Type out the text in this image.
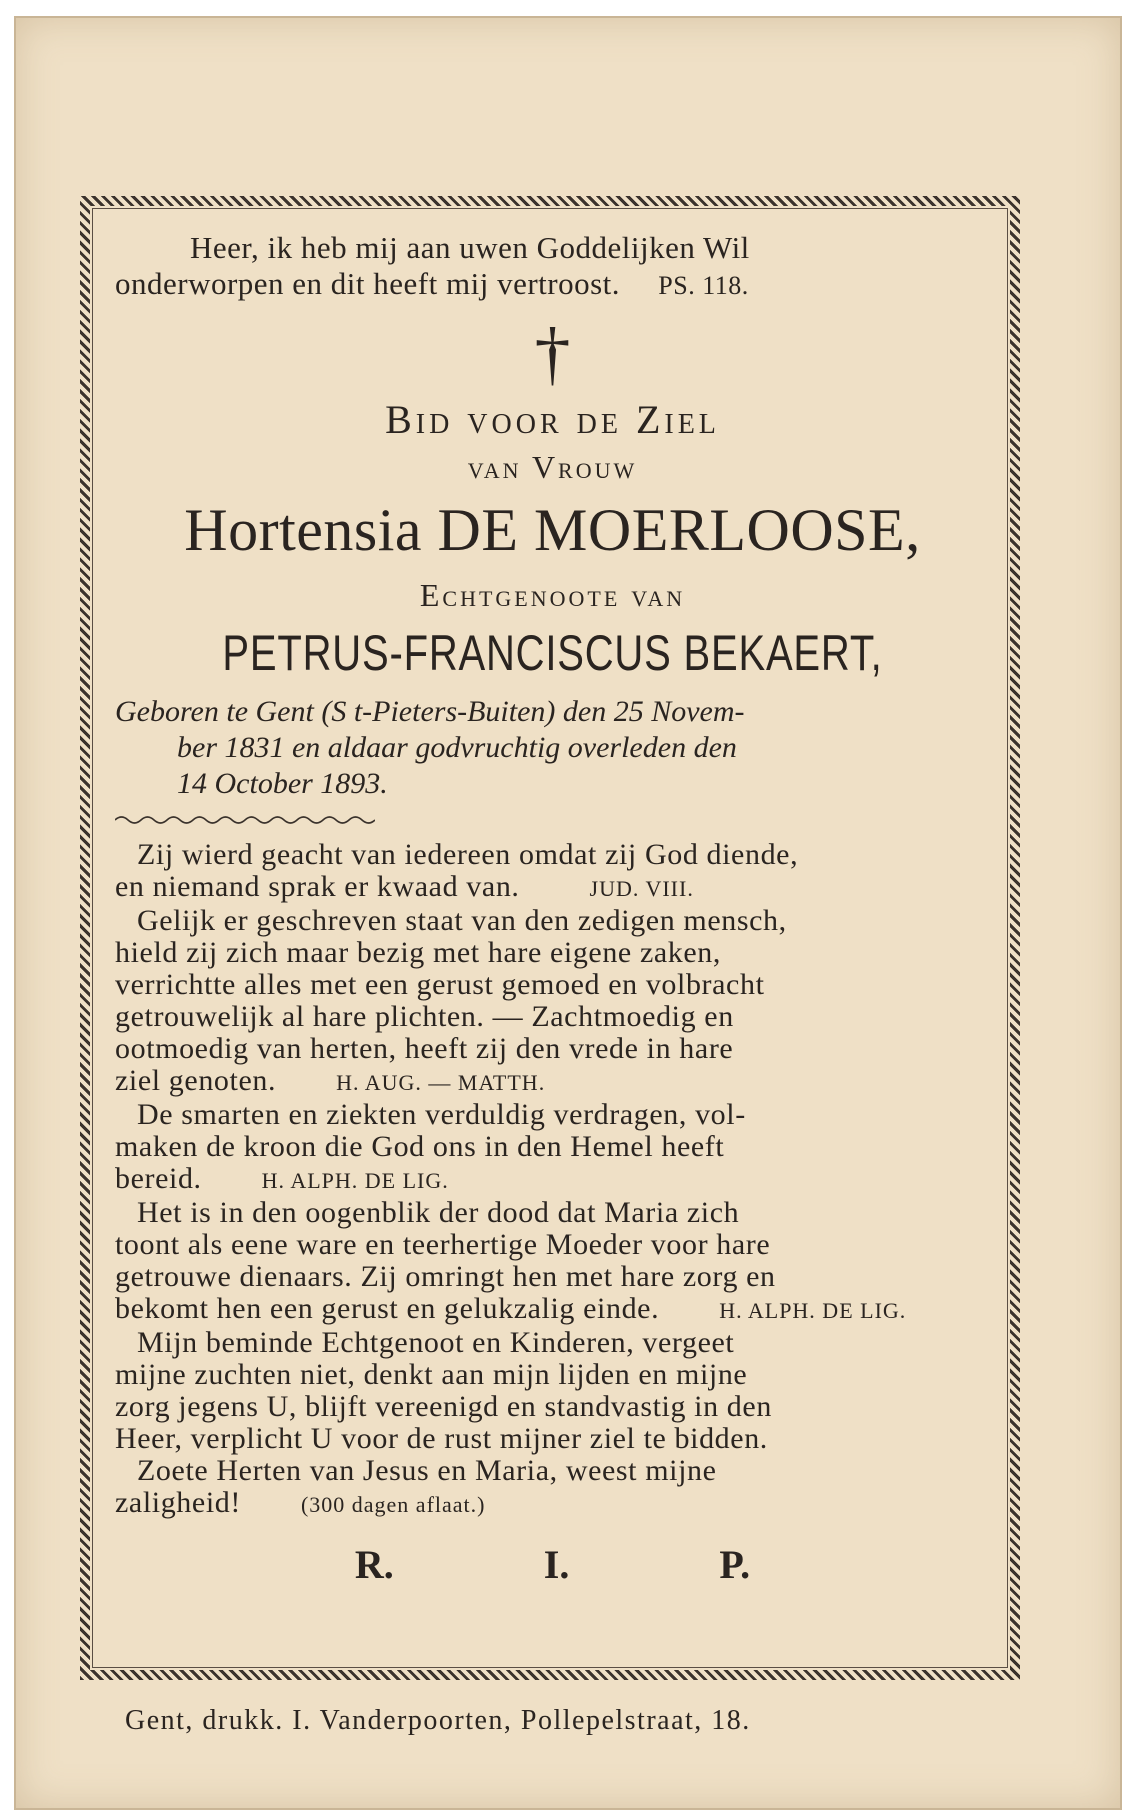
Heer, ik heb mij aan uwen Goddelijken Wil
onderworpen en dit heeft mij vertroost. PS. 118.
†
Bid voor de Ziel
van Vrouw
Hortensia DE MOERLOOSE,
Echtgenoote van
PETRUS-FRANCISCUS BEKAERT,
Geboren te Gent (S t-Pieters-Buiten) den 25 Novem-
ber 1831 en aldaar godvruchtig overleden den
14 October 1893.
Zij wierd geacht van iedereen omdat zij God diende,
en niemand sprak er kwaad van.	JUD. VIII.
Gelijk er geschreven staat van den zedigen mensch,
hield zij zich maar bezig met hare eigene zaken,
verrichtte alles met een gerust gemoed en volbracht
getrouwelijk al hare plichten. — Zachtmoedig en
ootmoedig van herten, heeft zij den vrede in hare
ziel genoten.	H. AUG. — MATTH.
De smarten en ziekten verduldig verdragen, vol-
maken de kroon die God ons in den Hemel heeft
bereid.	H. ALPH. DE LIG.
Het is in den oogenblik der dood dat Maria zich
toont als eene ware en teerhertige Moeder voor hare
getrouwe dienaars. Zij omringt hen met hare zorg en
bekomt hen een gerust en gelukzalig einde.	H. ALPH. DE LIG.
Mijn beminde Echtgenoot en Kinderen, vergeet
mijne zuchten niet, denkt aan mijn lijden en mijne
zorg jegens U, blijft vereenigd en standvastig in den
Heer, verplicht U voor de rust mijner ziel te bidden.
Zoete Herten van Jesus en Maria, weest mijne
zaligheid!	(300 dagen aflaat.)
R.	I.	P.
Gent, drukk. I. Vanderpoorten, Pollepelstraat, 18.
